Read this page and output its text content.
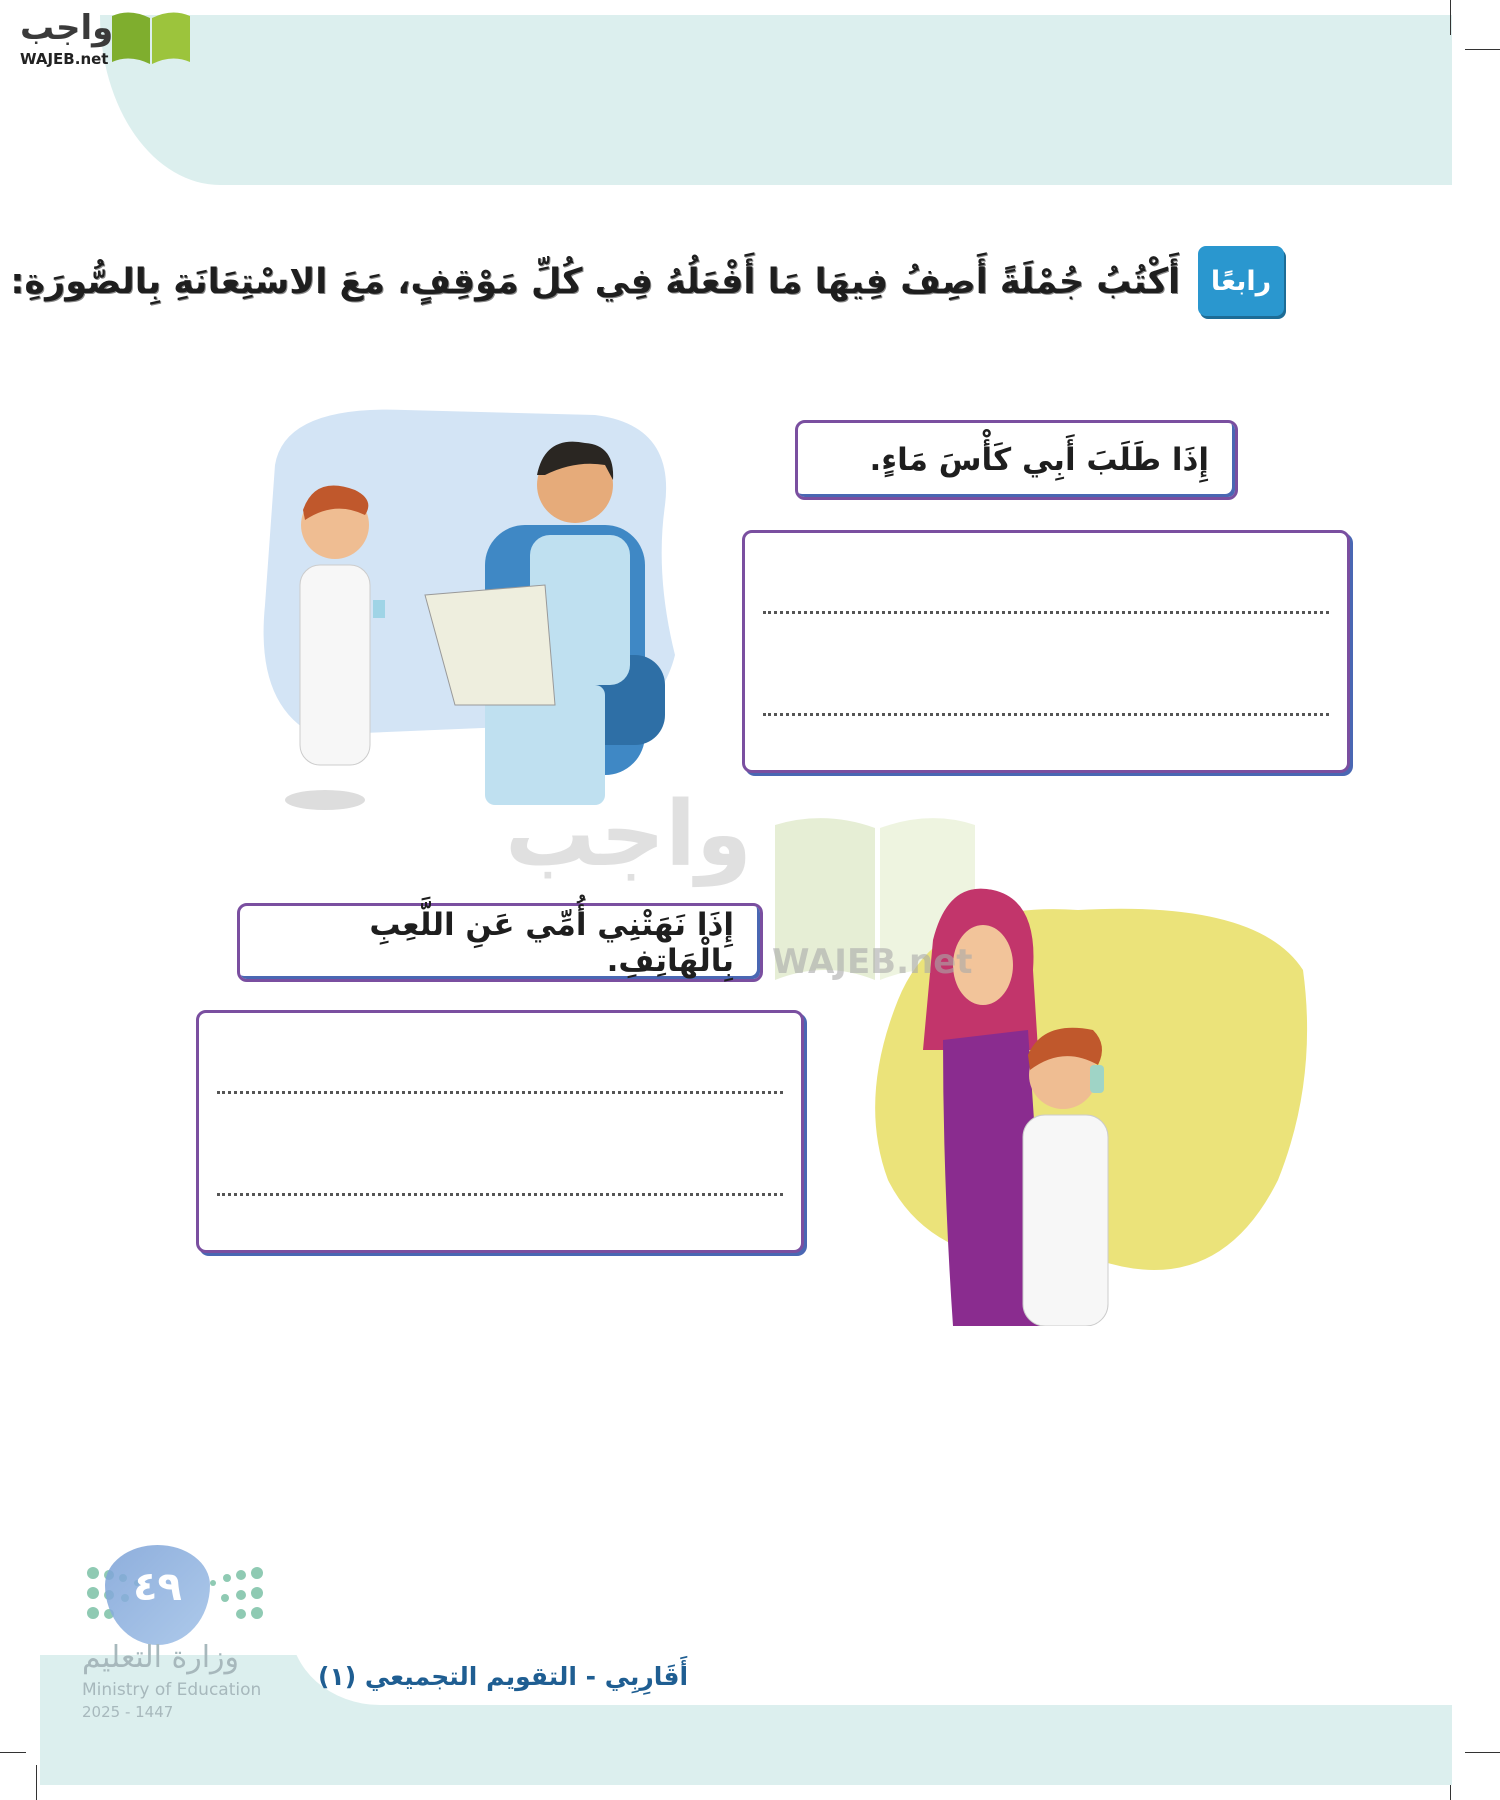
واجب
WAJEB.net
رابعًا
أَكْتُبُ جُمْلَةً أَصِفُ فِيهَا مَا أَفْعَلُهُ فِي كُلِّ مَوْقِفٍ، مَعَ الاسْتِعَانَةِ بِالصُّورَةِ:
إِذَا طَلَبَ أَبِي كَأْسَ مَاءٍ.
واجب
WAJEB.net
إِذَا نَهَتْنِي أُمِّي عَنِ اللَّعِبِ بِالْهَاتِفِ.
٤٩
وزارة التعليم
Ministry of Education
2025 - 1447
أَقَارِبِي - التقويم التجميعي (١)
